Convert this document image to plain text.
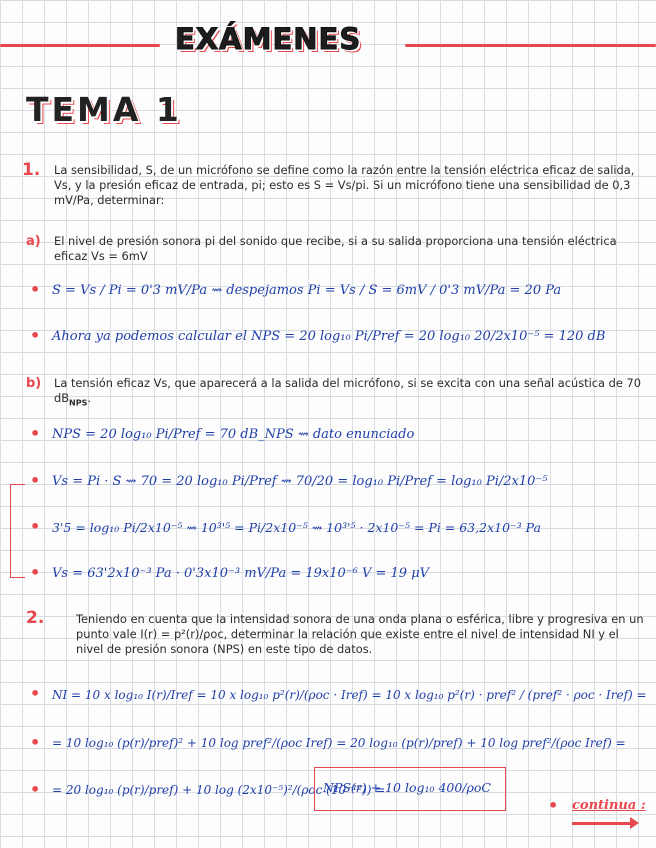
EXÁMENES
TEMA 1
1. La sensibilidad, S, de un micrófono se define como la razón entre la tensión eléctrica eficaz de salida, Vs, y la presión eficaz de entrada, pi; esto es S = Vs/pi. Si un micrófono tiene una sensibilidad de 0,3 mV/Pa, determinar:
a) El nivel de presión sonora pi del sonido que recibe, si a su salida proporciona una tensión eléctrica eficaz Vs = 6mV
• S = Vs / Pi = 0'3 mV/Pa ⇝ despejamos Pi = Vs / S = 6mV / 0'3 mV/Pa = 20 Pa
• Ahora ya podemos calcular el NPS = 20 log₁₀ Pi/Pref = 20 log₁₀ 20/2x10⁻⁵ = 120 dB
b) La tensión eficaz Vs, que aparecerá a la salida del micrófono, si se excita con una señal acústica de 70 $dB_{NPS}$.
• NPS = 20 log₁₀ Pi/Pref = 70 dB_NPS ⇝ dato enunciado
• Vs = Pi · S ⇝ 70 = 20 log₁₀ Pi/Pref ⇝ 70/20 = log₁₀ Pi/Pref = log₁₀ Pi/2x10⁻⁵
• 3'5 = log₁₀ Pi/2x10⁻⁵ ⇝ 10³'⁵ = Pi/2x10⁻⁵ ⇝ 10³'⁵ · 2x10⁻⁵ = Pi = 63,2x10⁻³ Pa
• Vs = 63'2x10⁻³ Pa · 0'3x10⁻³ mV/Pa = 19x10⁻⁶ V = 19 μV
2.	Teniendo en cuenta que la intensidad sonora de una onda plana o esférica, libre y progresiva en un punto vale I(r) = p²(r)/ρoc, determinar la relación que existe entre el nivel de intensidad NI y el nivel de presión sonora (NPS) en este tipo de datos.
• NI = 10 x log₁₀ I(r)/Iref = 10 x log₁₀ p²(r)/(ρoc · Iref) = 10 x log₁₀ p²(r) · pref² / (pref² · ρoc · Iref) =
• = 10 log₁₀ (p(r)/pref)² + 10 log pref²/(ρoc Iref) = 20 log₁₀ (p(r)/pref) + 10 log pref²/(ρoc Iref) =
• = 20 log₁₀ (p(r)/pref) + 10 log (2x10⁻⁵)²/(ρoc (10⁻¹²)) =
NPS(r) + 10 log₁₀ 400/ρoC
• continua :
